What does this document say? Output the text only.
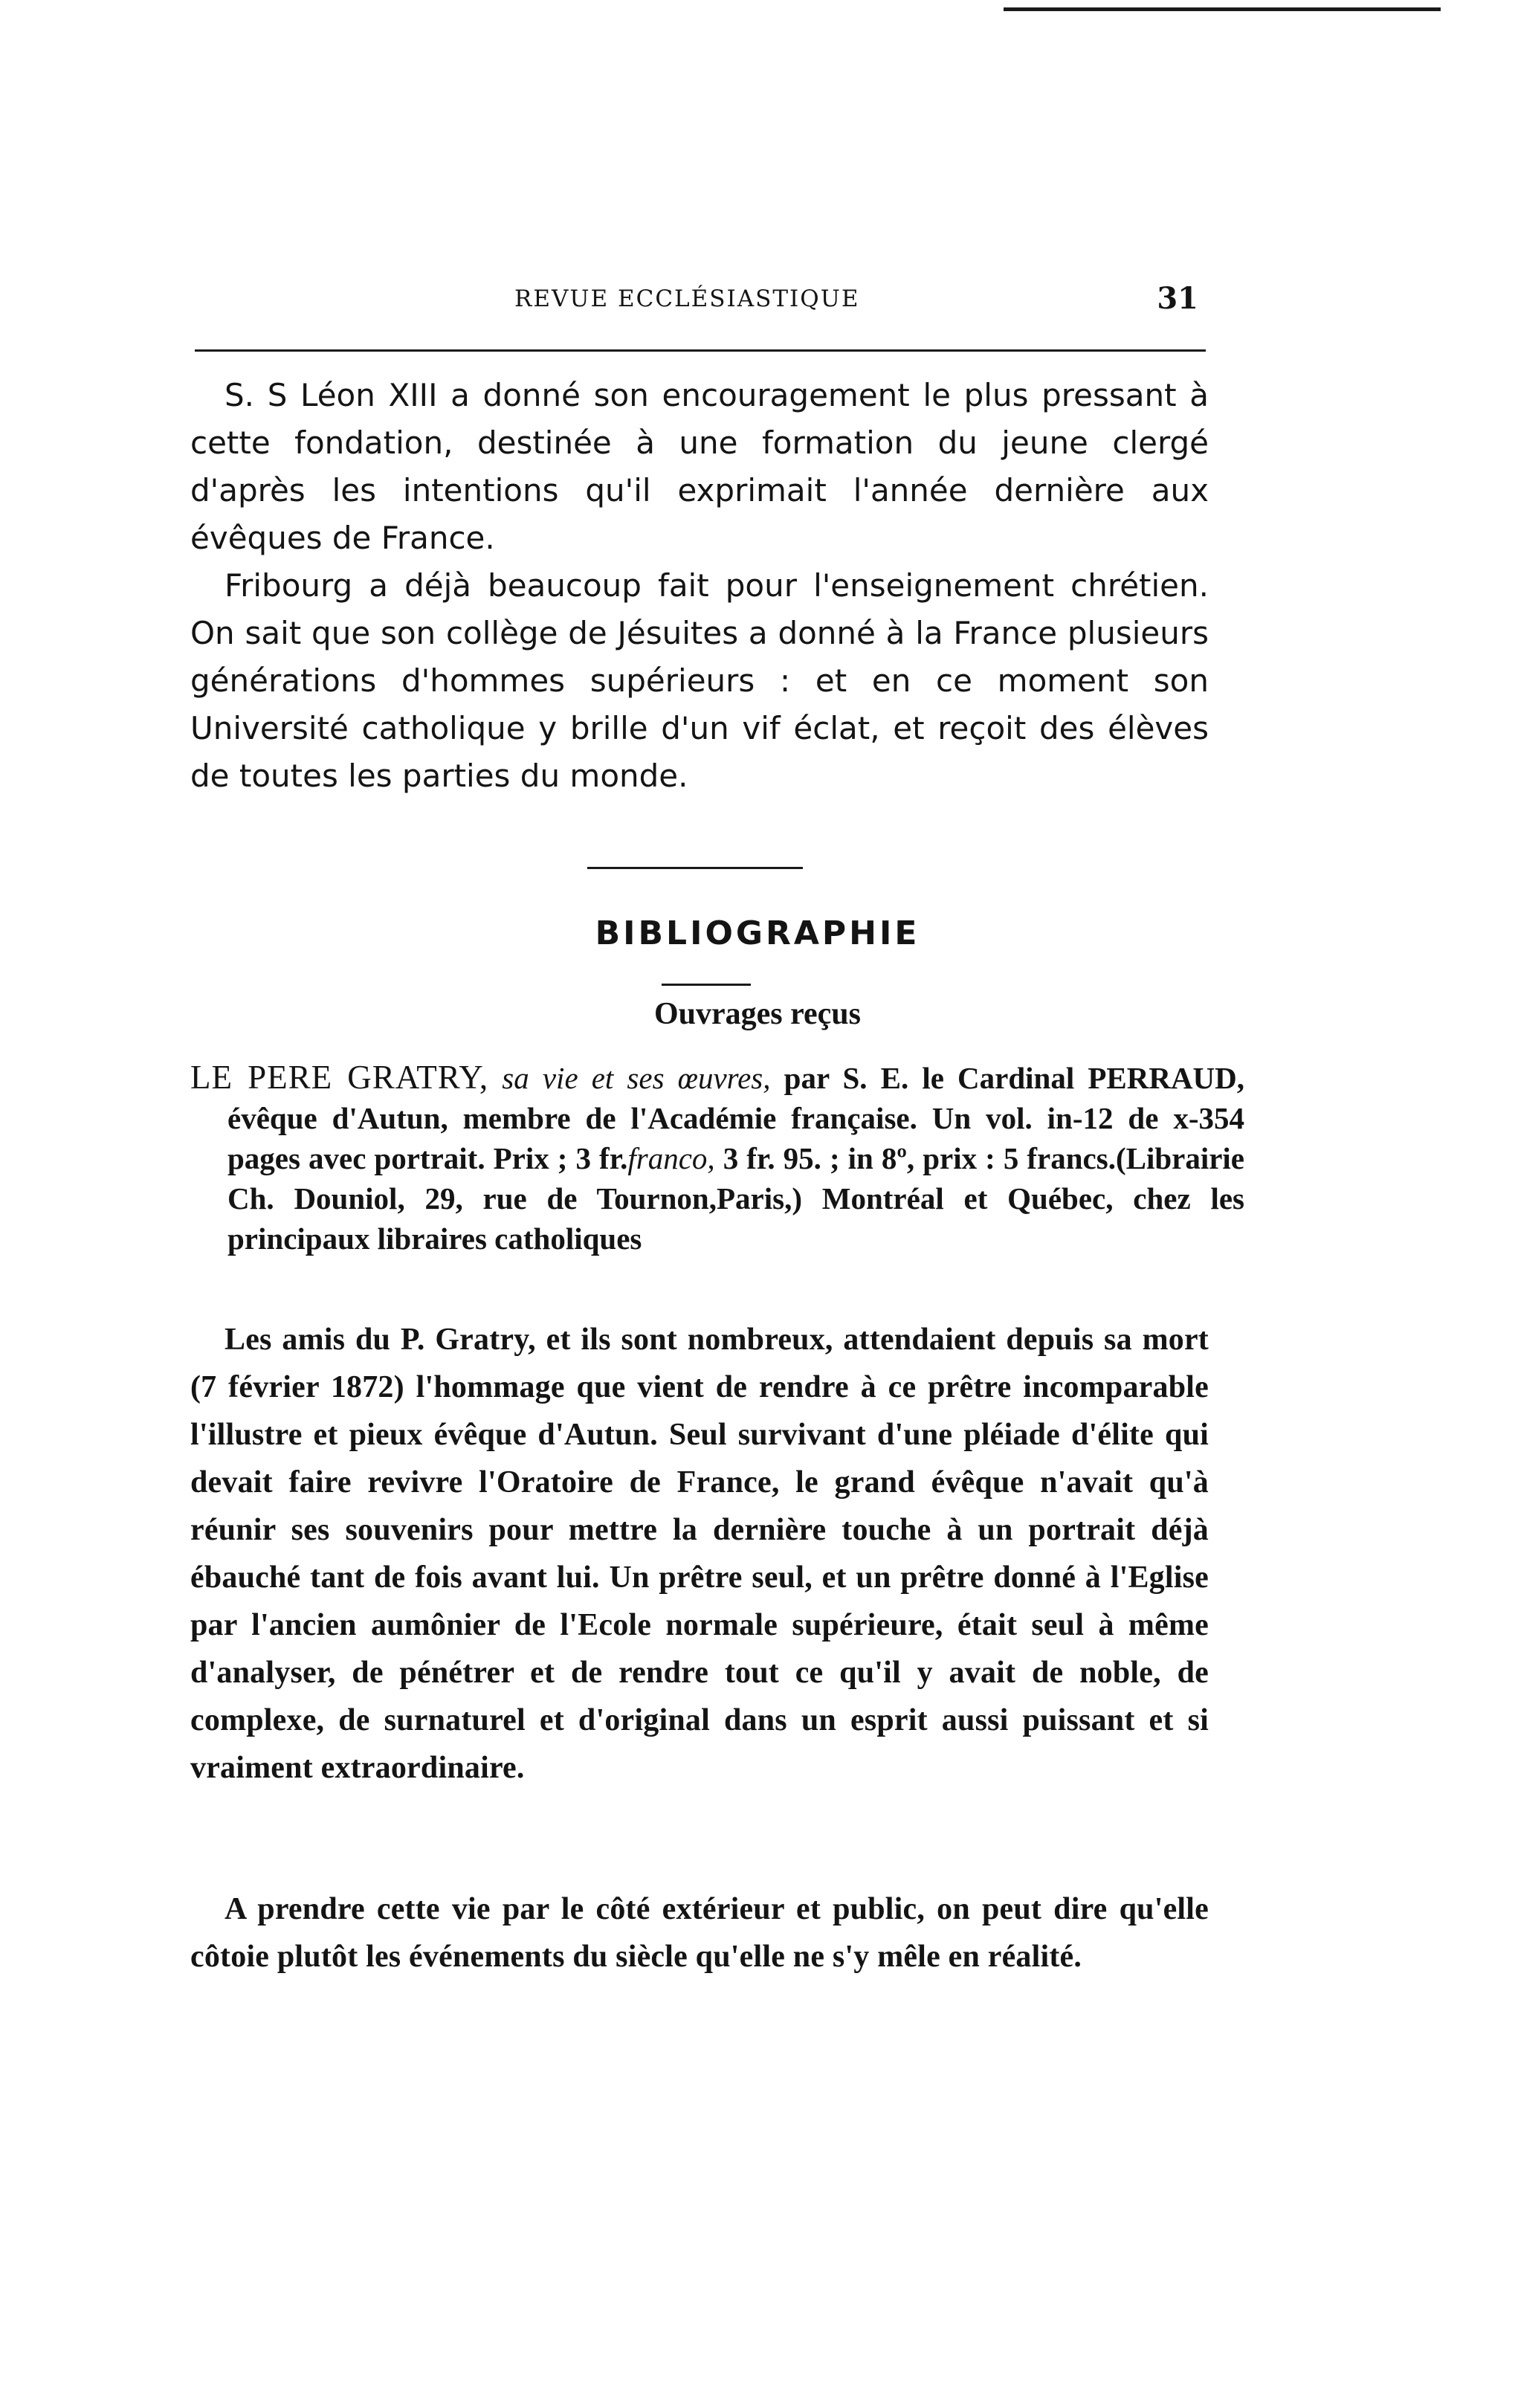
REVUE ECCLÉSIASTIQUE	31

S. S Léon XIII a donné son encouragement le plus pressant à cette fondation, destinée à une formation du jeune clergé d'après les intentions qu'il exprimait l'année dernière aux évêques de France.

Fribourg a déjà beaucoup fait pour l'enseignement chrétien. On sait que son collège de Jésuites a donné à la France plusieurs générations d'hommes supérieurs : et en ce moment son Université catholique y brille d'un vif éclat, et reçoit des élèves de toutes les parties du monde.

BIBLIOGRAPHIE
Ouvrages reçus

LE PERE GRATRY, sa vie et ses œuvres, par S. E. le Cardinal PERRAUD, évêque d'Autun, membre de l'Académie française. Un vol. in-12 de x-354 pages avec portrait. Prix ; 3 fr.franco, 3 fr. 95. ; in 8º, prix : 5 francs.(Librairie Ch. Douniol, 29, rue de Tournon,Paris,) Montréal et Québec, chez les principaux libraires catholiques

Les amis du P. Gratry, et ils sont nombreux, attendaient depuis sa mort (7 février 1872) l'hommage que vient de rendre à ce prêtre incomparable l'illustre et pieux évêque d'Autun. Seul survivant d'une pléiade d'élite qui devait faire revivre l'Oratoire de France, le grand évêque n'avait qu'à réunir ses souvenirs pour mettre la dernière touche à un portrait déjà ébauché tant de fois avant lui. Un prêtre seul, et un prêtre donné à l'Eglise par l'ancien aumônier de l'Ecole normale supérieure, était seul à même d'analyser, de pénétrer et de rendre tout ce qu'il y avait de noble, de complexe, de surnaturel et d'original dans un esprit aussi puissant et si vraiment extraordinaire.

A prendre cette vie par le côté extérieur et public, on peut dire qu'elle côtoie plutôt les événements du siècle qu'elle ne s'y mêle en réalité.
